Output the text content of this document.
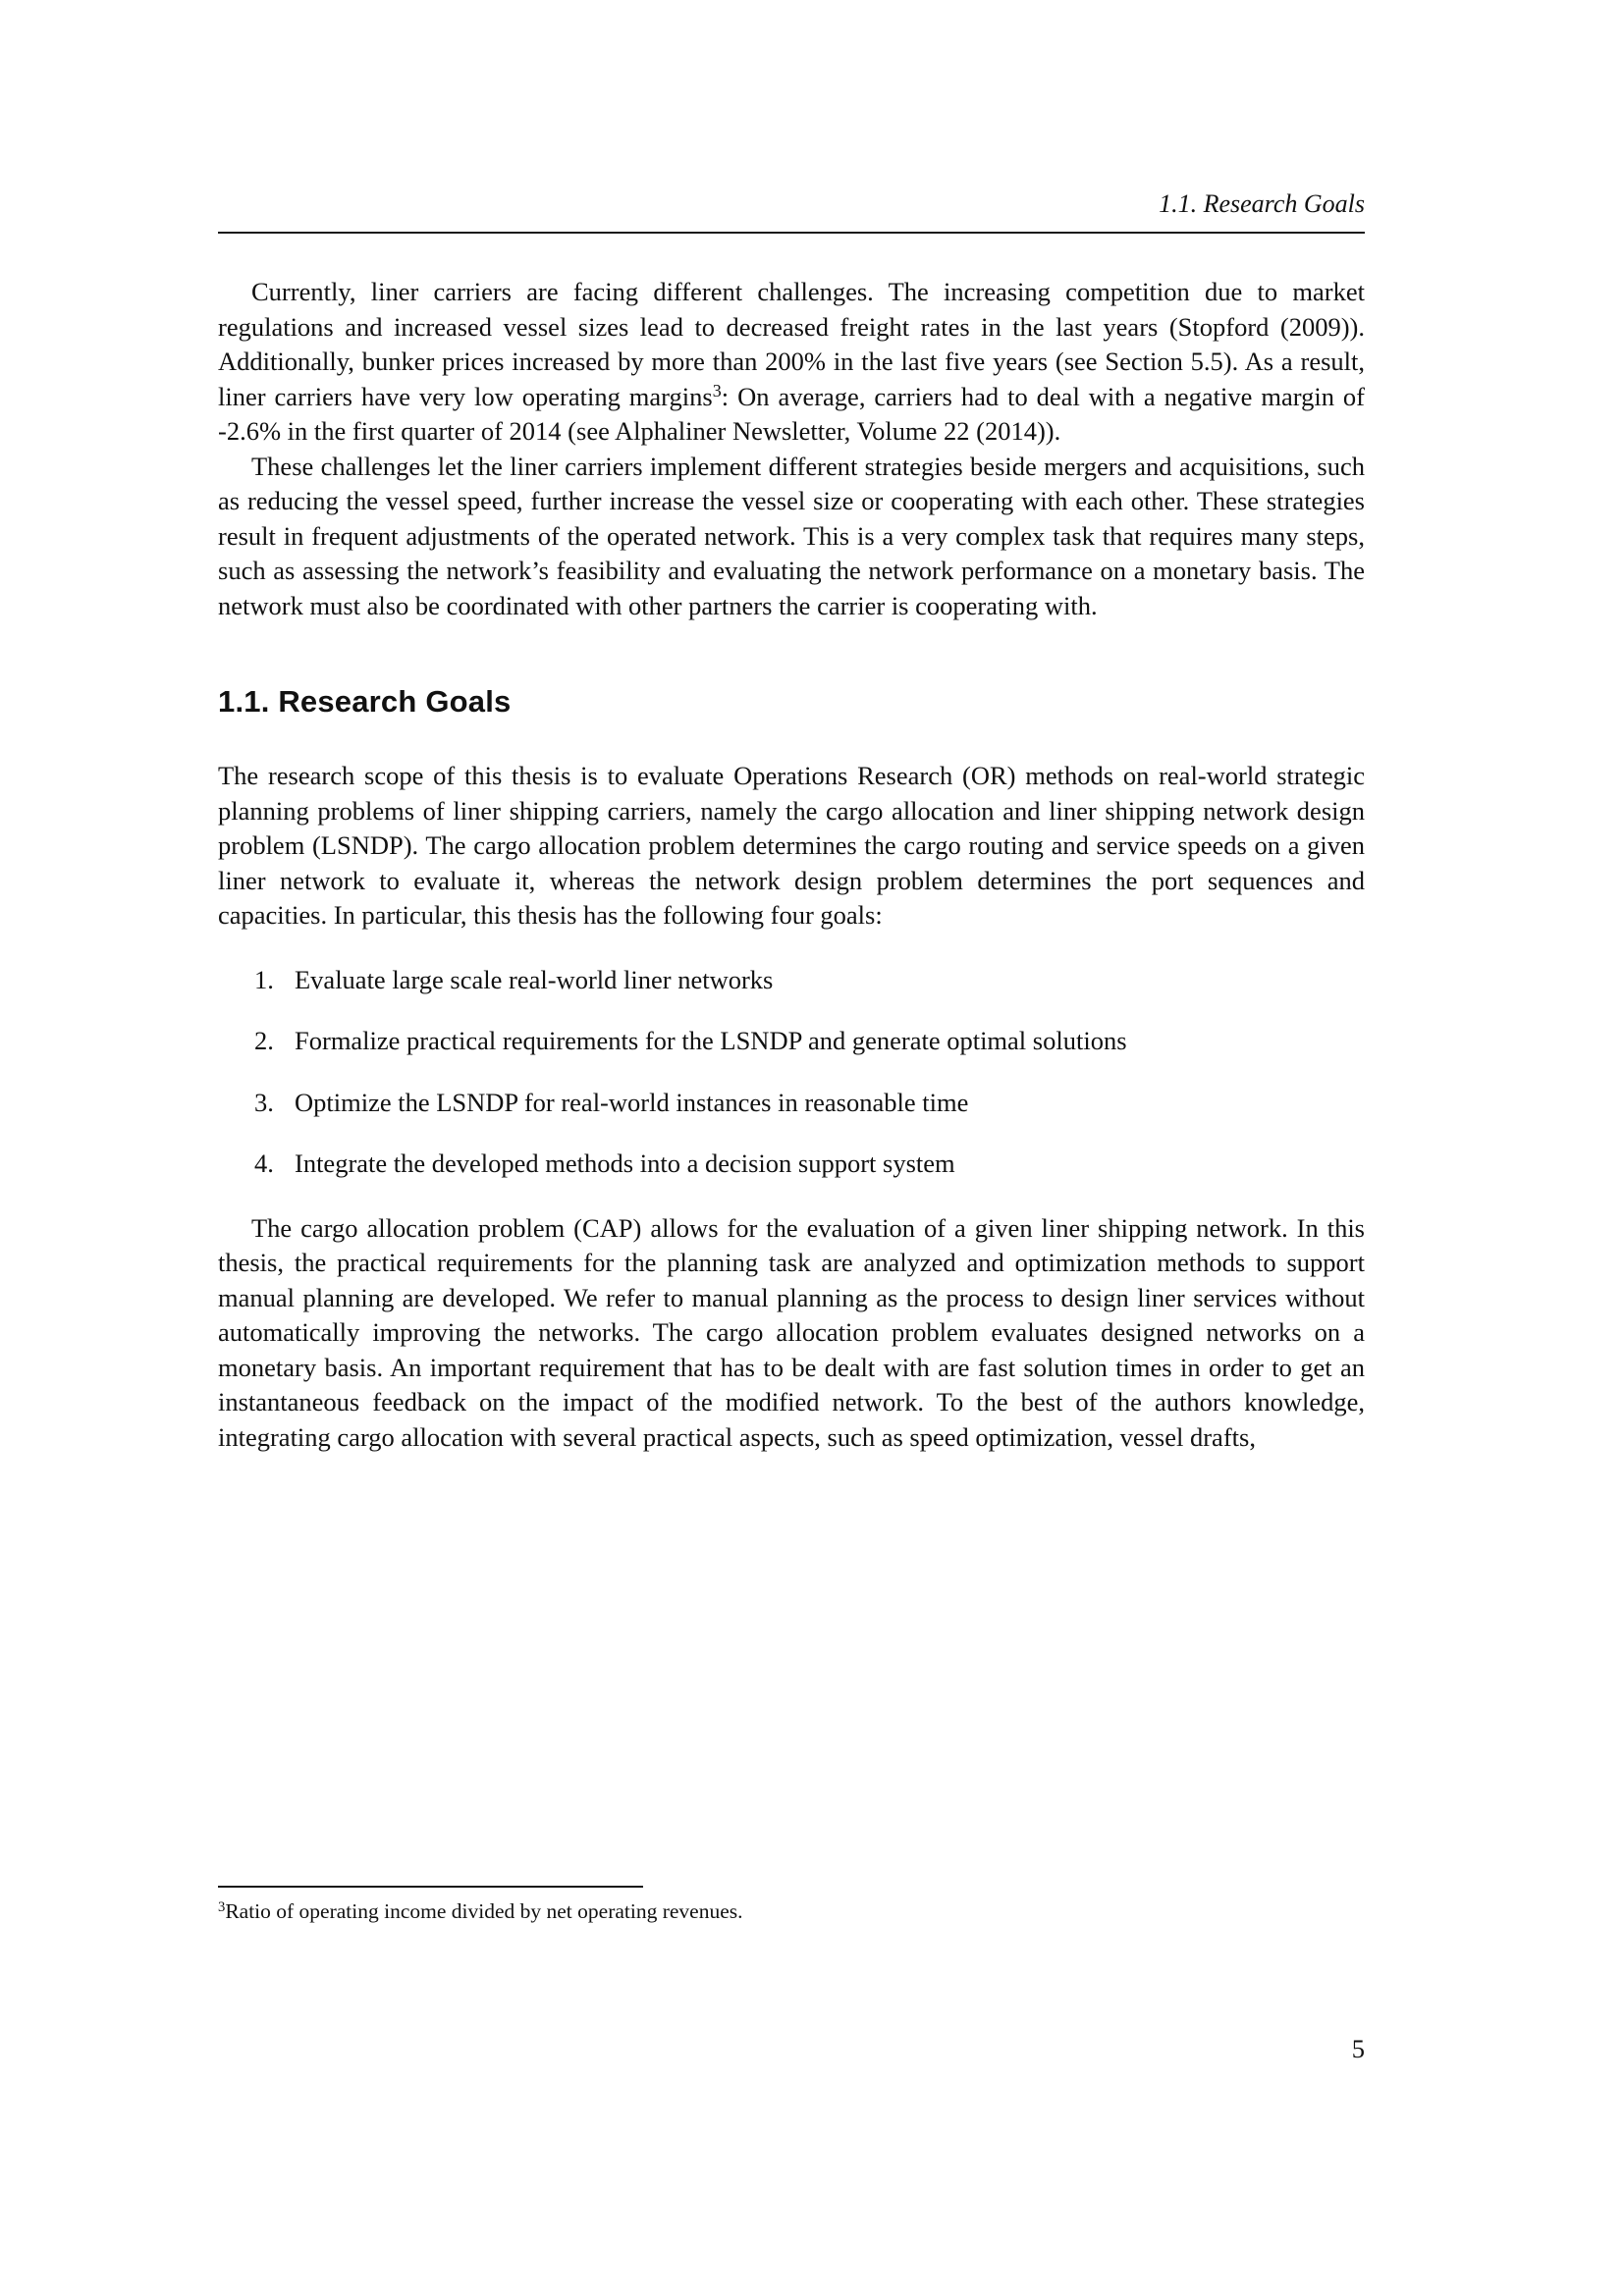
1.1. Research Goals

Currently, liner carriers are facing different challenges. The increasing competition due to market regulations and increased vessel sizes lead to decreased freight rates in the last years (Stopford (2009)). Additionally, bunker prices increased by more than 200% in the last five years (see Section 5.5). As a result, liner carriers have very low operating margins$^3$: On average, carriers had to deal with a negative margin of -2.6% in the first quarter of 2014 (see Alphaliner Newsletter, Volume 22 (2014)).

These challenges let the liner carriers implement different strategies beside mergers and acquisitions, such as reducing the vessel speed, further increase the vessel size or cooperating with each other. These strategies result in frequent adjustments of the operated network. This is a very complex task that requires many steps, such as assessing the network’s feasibility and evaluating the network performance on a monetary basis. The network must also be coordinated with other partners the carrier is cooperating with.

1.1. Research Goals

The research scope of this thesis is to evaluate Operations Research (OR) methods on real-world strategic planning problems of liner shipping carriers, namely the cargo allocation and liner shipping network design problem (LSNDP). The cargo allocation problem determines the cargo routing and service speeds on a given liner network to evaluate it, whereas the network design problem determines the port sequences and capacities. In particular, this thesis has the following four goals:

1. Evaluate large scale real-world liner networks
2. Formalize practical requirements for the LSNDP and generate optimal solutions
3. Optimize the LSNDP for real-world instances in reasonable time
4. Integrate the developed methods into a decision support system

The cargo allocation problem (CAP) allows for the evaluation of a given liner shipping network. In this thesis, the practical requirements for the planning task are analyzed and optimization methods to support manual planning are developed. We refer to manual planning as the process to design liner services without automatically improving the networks. The cargo allocation problem evaluates designed networks on a monetary basis. An important requirement that has to be dealt with are fast solution times in order to get an instantaneous feedback on the impact of the modified network. To the best of the authors knowledge, integrating cargo allocation with several practical aspects, such as speed optimization, vessel drafts,

$^3$Ratio of operating income divided by net operating revenues.

5
